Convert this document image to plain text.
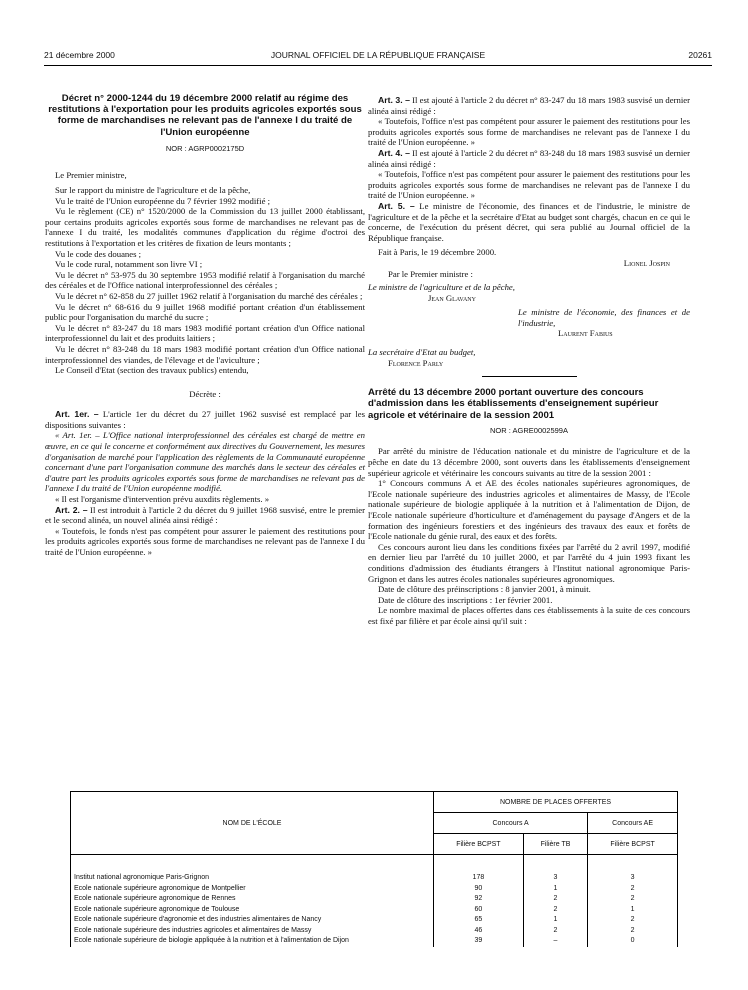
21 décembre 2000	JOURNAL OFFICIEL DE LA RÉPUBLIQUE FRANÇAISE	20261
Décret n° 2000-1244 du 19 décembre 2000 relatif au régime des restitutions à l'exportation pour les produits agricoles exportés sous forme de marchandises ne relevant pas de l'annexe I du traité de l'Union européenne
NOR : AGRP0002175D

Le Premier ministre,

Sur le rapport du ministre de l'agriculture et de la pêche,

Vu le traité de l'Union européenne du 7 février 1992 modifié ;

Vu le règlement (CE) n° 1520/2000 de la Commission du 13 juillet 2000 établissant, pour certains produits agricoles exportés sous forme de marchandises ne relevant pas de l'annexe I du traité, les modalités communes d'application du régime d'octroi des restitutions à l'exportation et les critères de fixation de leurs montants ;

Vu le code des douanes ;

Vu le code rural, notamment son livre VI ;

Vu le décret n° 53-975 du 30 septembre 1953 modifié relatif à l'organisation du marché des céréales et de l'Office national interprofessionnel des céréales ;

Vu le décret n° 62-858 du 27 juillet 1962 relatif à l'organisation du marché des céréales ;

Vu le décret n° 68-616 du 9 juillet 1968 modifié portant création d'un établissement public pour l'organisation du marché du sucre ;

Vu le décret n° 83-247 du 18 mars 1983 modifié portant création d'un Office national interprofessionnel du lait et des produits laitiers ;

Vu le décret n° 83-248 du 18 mars 1983 modifié portant création d'un Office national interprofessionnel des viandes, de l'élevage et de l'aviculture ;

Le Conseil d'Etat (section des travaux publics) entendu,

Décrète :

Art. 1er. – L'article 1er du décret du 27 juillet 1962 susvisé est remplacé par les dispositions suivantes :

« Art. 1er. – L'Office national interprofessionnel des céréales est chargé de mettre en œuvre, en ce qui le concerne et conformément aux directives du Gouvernement, les mesures d'organisation de marché pour l'application des règlements de la Communauté européenne concernant d'une part l'organisation commune des marchés dans le secteur des céréales et d'autre part les produits agricoles exportés sous forme de marchandises ne relevant pas de l'annexe I du traité de l'Union européenne modifié.

« Il est l'organisme d'intervention prévu auxdits règlements. »

Art. 2. – Il est introduit à l'article 2 du décret du 9 juillet 1968 susvisé, entre le premier et le second alinéa, un nouvel alinéa ainsi rédigé :

« Toutefois, le fonds n'est pas compétent pour assurer le paiement des restitutions pour les produits agricoles exportés sous forme de marchandises ne relevant pas de l'annexe I du traité de l'Union européenne. »

Art. 3. – Il est ajouté à l'article 2 du décret n° 83-247 du 18 mars 1983 susvisé un dernier alinéa ainsi rédigé :

« Toutefois, l'office n'est pas compétent pour assurer le paiement des restitutions pour les produits agricoles exportés sous forme de marchandises ne relevant pas de l'annexe I du traité de l'Union européenne. »

Art. 4. – Il est ajouté à l'article 2 du décret n° 83-248 du 18 mars 1983 susvisé un dernier alinéa ainsi rédigé :

« Toutefois, l'office n'est pas compétent pour assurer le paiement des restitutions pour les produits agricoles exportés sous forme de marchandises ne relevant pas de l'annexe I du traité de l'Union européenne. »

Art. 5. – Le ministre de l'économie, des finances et de l'industrie, le ministre de l'agriculture et de la pêche et la secrétaire d'Etat au budget sont chargés, chacun en ce qui le concerne, de l'exécution du présent décret, qui sera publié au Journal officiel de la République française.

Fait à Paris, le 19 décembre 2000.

Lionel Jospin

Par le Premier ministre :

Le ministre de l'agriculture et de la pêche,

Jean Glavany

Le ministre de l'économie, des finances et de l'industrie,

Laurent Fabius

La secrétaire d'Etat au budget,

Florence Parly

Arrêté du 13 décembre 2000 portant ouverture des concours d'admission dans les établissements d'enseignement supérieur agricole et vétérinaire de la session 2001
NOR : AGRE0002599A

Par arrêté du ministre de l'éducation nationale et du ministre de l'agriculture et de la pêche en date du 13 décembre 2000, sont ouverts dans les établissements d'enseignement supérieur agricole et vétérinaire les concours suivants au titre de la session 2001 :

1° Concours communs A et AE des écoles nationales supérieures agronomiques, de l'Ecole nationale supérieure des industries agricoles et alimentaires de Massy, de l'Ecole nationale supérieure de biologie appliquée à la nutrition et à l'alimentation de Dijon, de l'Ecole nationale supérieure d'horticulture et d'aménagement du paysage d'Angers et de la formation des ingénieurs forestiers et des ingénieurs des travaux des eaux et forêts de l'Ecole nationale du génie rural, des eaux et des forêts.

Ces concours auront lieu dans les conditions fixées par l'arrêté du 2 avril 1997, modifié en dernier lieu par l'arrêté du 10 juillet 2000, et par l'arrêté du 4 juin 1993 fixant les conditions d'admission des étudiants étrangers à l'Institut national agronomique Paris-Grignon et dans les autres écoles nationales supérieures agronomiques.

Date de clôture des préinscriptions : 8 janvier 2001, à minuit.

Date de clôture des inscriptions : 1er février 2001.

Le nombre maximal de places offertes dans ces établissements à la suite de ces concours est fixé par filière et par école ainsi qu'il suit :

NOM DE L'ÉCOLE	NOMBRE DE PLACES OFFERTES		
	Concours A		Concours AE
	Filière BCPST	Filière TB	Filière BCPST
Institut national agronomique Paris-Grignon	178	3	3
Ecole nationale supérieure agronomique de Montpellier	90	1	2
Ecole nationale supérieure agronomique de Rennes	92	2	2
Ecole nationale supérieure agronomique de Toulouse	60	2	1
Ecole nationale supérieure d'agronomie et des industries alimentaires de Nancy	65	1	2
Ecole nationale supérieure des industries agricoles et alimentaires de Massy	46	2	2
Ecole nationale supérieure de biologie appliquée à la nutrition et à l'alimentation de Dijon	39	–	0
